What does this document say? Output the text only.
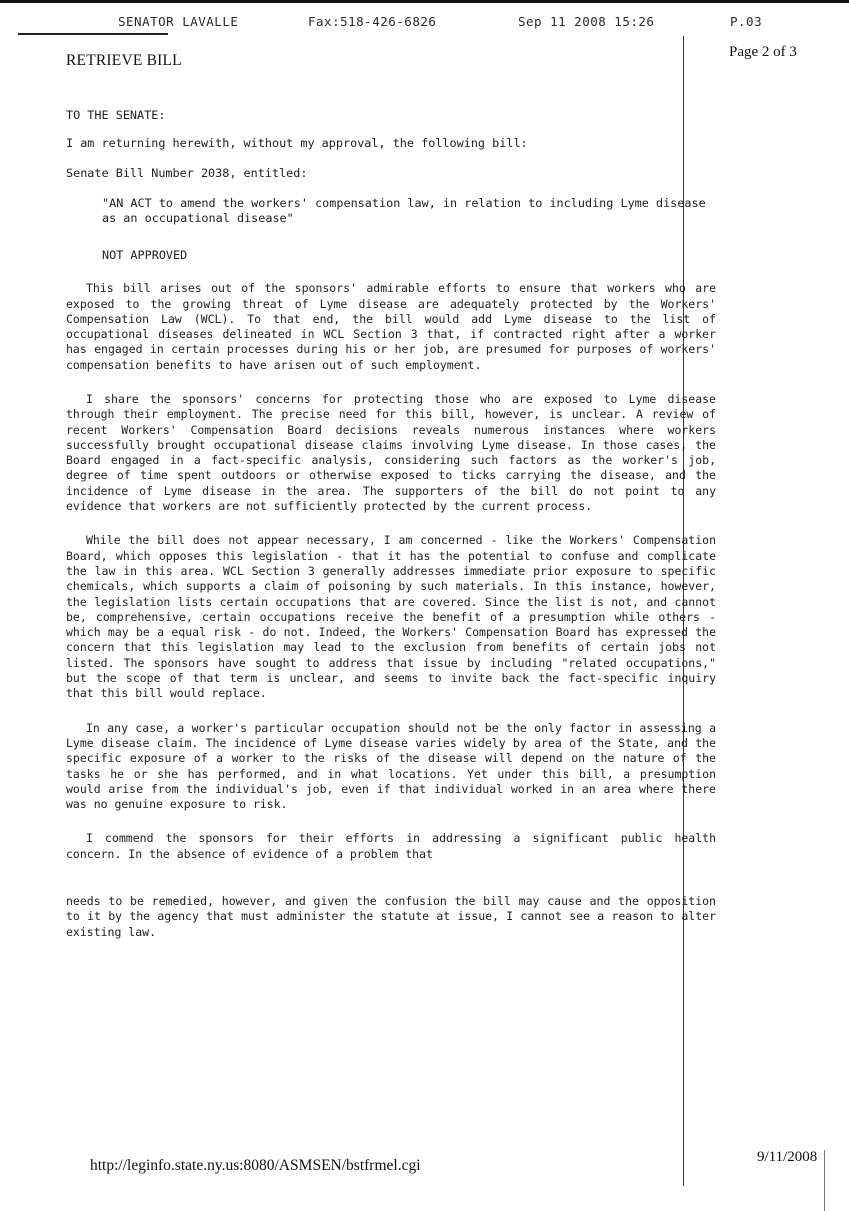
SENATOR LAVALLE	Fax:518-426-6826	Sep 11 2008 15:26	P.03
RETRIEVE BILL	Page 2 of 3

TO THE SENATE:

I am returning herewith, without my approval, the following bill:

Senate Bill Number 2038, entitled:

"AN ACT to amend the workers' compensation law, in relation to including Lyme disease as an occupational disease"

NOT APPROVED

This bill arises out of the sponsors' admirable efforts to ensure that workers who are exposed to the growing threat of Lyme disease are adequately protected by the Workers' Compensation Law (WCL). To that end, the bill would add Lyme disease to the list of occupational diseases delineated in WCL Section 3 that, if contracted right after a worker has engaged in certain processes during his or her job, are presumed for purposes of workers' compensation benefits to have arisen out of such employment.

I share the sponsors' concerns for protecting those who are exposed to Lyme disease through their employment. The precise need for this bill, however, is unclear. A review of recent Workers' Compensation Board decisions reveals numerous instances where workers successfully brought occupational disease claims involving Lyme disease. In those cases, the Board engaged in a fact-specific analysis, considering such factors as the worker's job, degree of time spent outdoors or otherwise exposed to ticks carrying the disease, and the incidence of Lyme disease in the area. The supporters of the bill do not point to any evidence that workers are not sufficiently protected by the current process.

While the bill does not appear necessary, I am concerned - like the Workers' Compensation Board, which opposes this legislation - that it has the potential to confuse and complicate the law in this area. WCL Section 3 generally addresses immediate prior exposure to specific chemicals, which supports a claim of poisoning by such materials. In this instance, however, the legislation lists certain occupations that are covered. Since the list is not, and cannot be, comprehensive, certain occupations receive the benefit of a presumption while others - which may be a equal risk - do not. Indeed, the Workers' Compensation Board has expressed the concern that this legislation may lead to the exclusion from benefits of certain jobs not listed. The sponsors have sought to address that issue by including "related occupations," but the scope of that term is unclear, and seems to invite back the fact-specific inquiry that this bill would replace.

In any case, a worker's particular occupation should not be the only factor in assessing a Lyme disease claim. The incidence of Lyme disease varies widely by area of the State, and the specific exposure of a worker to the risks of the disease will depend on the nature of the tasks he or she has performed, and in what locations. Yet under this bill, a presumption would arise from the individual's job, even if that individual worked in an area where there was no genuine exposure to risk.

I commend the sponsors for their efforts in addressing a significant public health concern. In the absence of evidence of a problem that

needs to be remedied, however, and given the confusion the bill may cause and the opposition to it by the agency that must administer the statute at issue, I cannot see a reason to alter existing law.

http://leginfo.state.ny.us:8080/ASMSEN/bstfrmel.cgi	9/11/2008
